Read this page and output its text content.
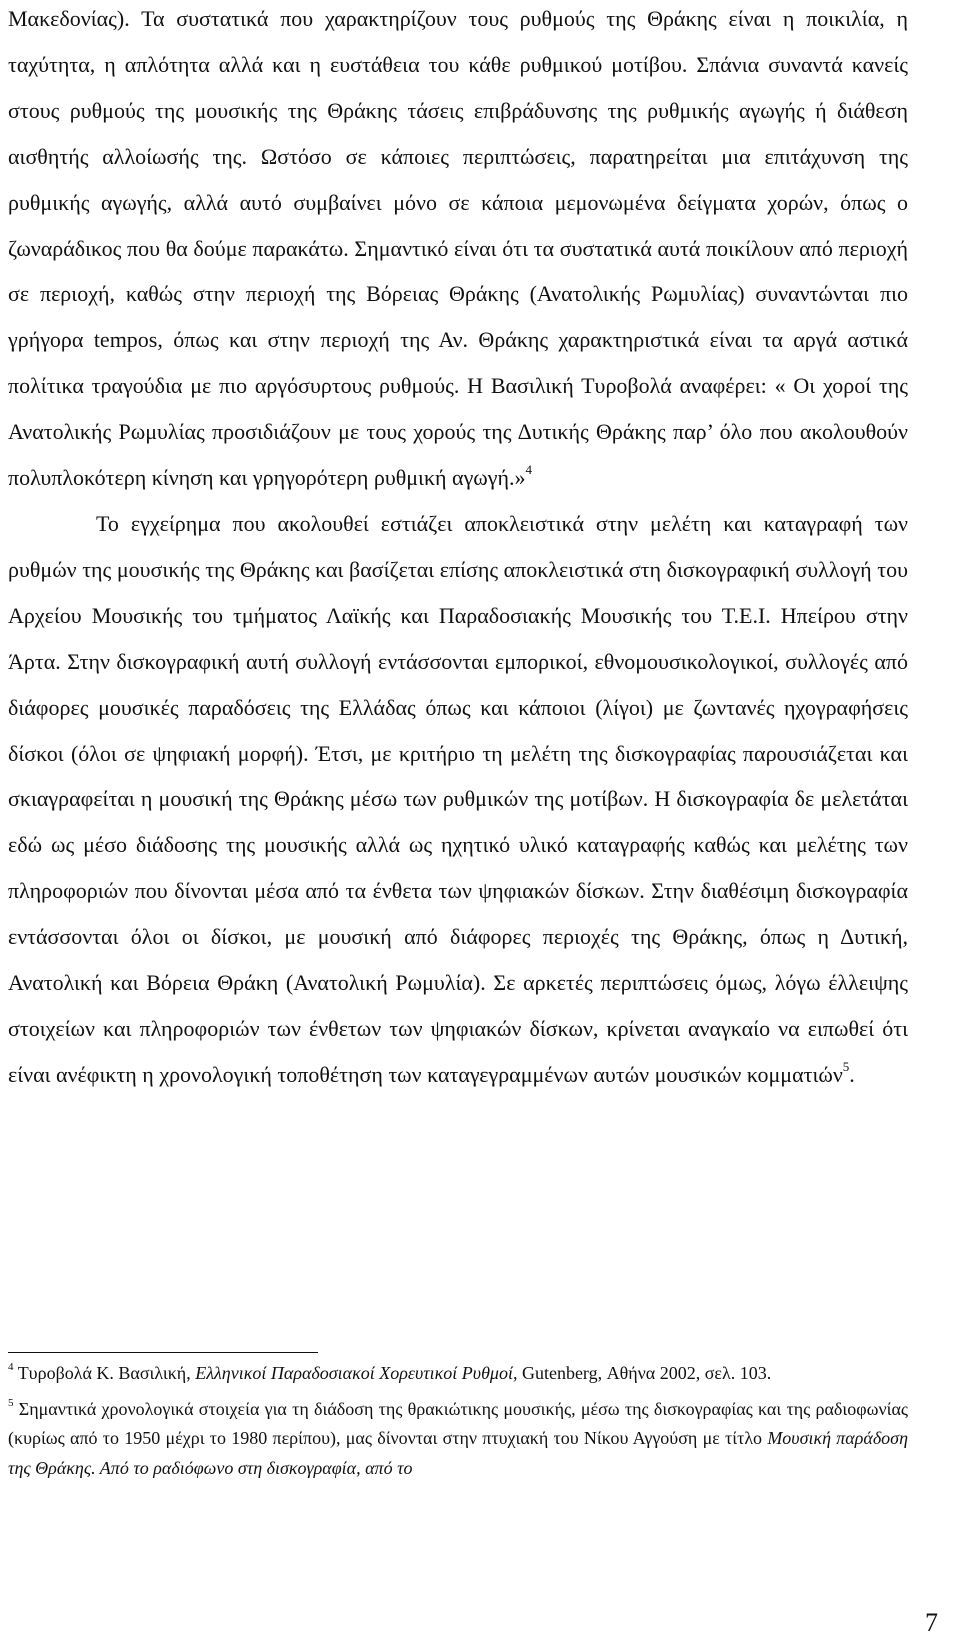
Μακεδονίας). Τα συστατικά που χαρακτηρίζουν τους ρυθμούς της Θράκης είναι η ποικιλία, η ταχύτητα, η απλότητα αλλά και η ευστάθεια του κάθε ρυθμικού μοτίβου. Σπάνια συναντά κανείς στους ρυθμούς της μουσικής της Θράκης τάσεις επιβράδυνσης της ρυθμικής αγωγής ή διάθεση αισθητής αλλοίωσής της. Ωστόσο σε κάποιες περιπτώσεις, παρατηρείται μια επιτάχυνση της ρυθμικής αγωγής, αλλά αυτό συμβαίνει μόνο σε κάποια μεμονωμένα δείγματα χορών, όπως ο ζωναράδικος που θα δούμε παρακάτω. Σημαντικό είναι ότι τα συστατικά αυτά ποικίλουν από περιοχή σε περιοχή, καθώς στην περιοχή της Βόρειας Θράκης (Ανατολικής Ρωμυλίας) συναντώνται πιο γρήγορα tempos, όπως και στην περιοχή της Αν. Θράκης χαρακτηριστικά είναι τα αργά αστικά πολίτικα τραγούδια με πιο αργόσυρτους ρυθμούς. Η Βασιλική Τυροβολά αναφέρει: « Οι χοροί της Ανατολικής Ρωμυλίας προσιδιάζουν με τους χορούς της Δυτικής Θράκης παρ’ όλο που ακολουθούν πολυπλοκότερη κίνηση και γρηγορότερη ρυθμική αγωγή.»$^4$

Το εγχείρημα που ακολουθεί εστιάζει αποκλειστικά στην μελέτη και καταγραφή των ρυθμών της μουσικής της Θράκης και βασίζεται επίσης αποκλειστικά στη δισκογραφική συλλογή του Αρχείου Μουσικής του τμήματος Λαϊκής και Παραδοσιακής Μουσικής του Τ.Ε.Ι. Ηπείρου στην Άρτα. Στην δισκογραφική αυτή συλλογή εντάσσονται εμπορικοί, εθνομουσικολογικοί, συλλογές από διάφορες μουσικές παραδόσεις της Ελλάδας όπως και κάποιοι (λίγοι) με ζωντανές ηχογραφήσεις δίσκοι (όλοι σε ψηφιακή μορφή). Έτσι, με κριτήριο τη μελέτη της δισκογραφίας παρουσιάζεται και σκιαγραφείται η μουσική της Θράκης μέσω των ρυθμικών της μοτίβων. Η δισκογραφία δε μελετάται εδώ ως μέσο διάδοσης της μουσικής αλλά ως ηχητικό υλικό καταγραφής καθώς και μελέτης των πληροφοριών που δίνονται μέσα από τα ένθετα των ψηφιακών δίσκων. Στην διαθέσιμη δισκογραφία εντάσσονται όλοι οι δίσκοι, με μουσική από διάφορες περιοχές της Θράκης, όπως η Δυτική, Ανατολική και Βόρεια Θράκη (Ανατολική Ρωμυλία). Σε αρκετές περιπτώσεις όμως, λόγω έλλειψης στοιχείων και πληροφοριών των ένθετων των ψηφιακών δίσκων, κρίνεται αναγκαίο να ειπωθεί ότι είναι ανέφικτη η χρονολογική τοποθέτηση των καταγεγραμμένων αυτών μουσικών κομματιών$^5$.

$^4$ Τυροβολά Κ. Βασιλική, Ελληνικοί Παραδοσιακοί Χορευτικοί Ρυθμοί, Gutenberg, Αθήνα 2002, σελ. 103.

$^5$ Σημαντικά χρονολογικά στοιχεία για τη διάδοση της θρακιώτικης μουσικής, μέσω της δισκογραφίας και της ραδιοφωνίας (κυρίως από το 1950 μέχρι το 1980 περίπου), μας δίνονται στην πτυχιακή του Νίκου Αγγούση με τίτλο Μουσική παράδοση της Θράκης. Από το ραδιόφωνο στη δισκογραφία, από το

7
